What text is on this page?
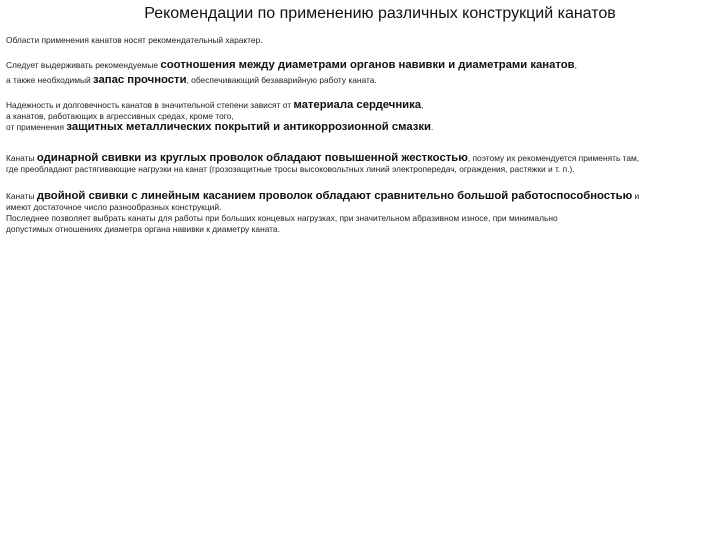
Рекомендации по применению различных конструкций канатов
Области применения канатов носят рекомендательный характер.
Следует выдерживать рекомендуемые соотношения между диаметрами органов навивки и диаметрами канатов,
а также необходимый запас прочности, обеспечивающий безаварийную работу каната.
Надежность и долговечность канатов в значительной степени зависят от материала сердечника,
а канатов, работающих в агрессивных средах, кроме того,
от применения защитных металлических покрытий и антикоррозионной смазки.
Канаты одинарной свивки из круглых проволок обладают повышенной жесткостью, поэтому их рекомендуется применять там,
где преобладают растягивающие нагрузки на канат (грозозащитные тросы высоковольтных линий электропередач, ограждения, растяжки и т. п.).
Канаты двойной свивки с линейным касанием проволок обладают сравнительно большой работоспособностью и
имеют достаточное число разнообразных конструкций.
Последнее позволяет выбрать канаты для работы при больших концевых нагрузках, при значительном абразивном износе, при минимально
допустимых отношениях диаметра органа навивки к диаметру каната.
